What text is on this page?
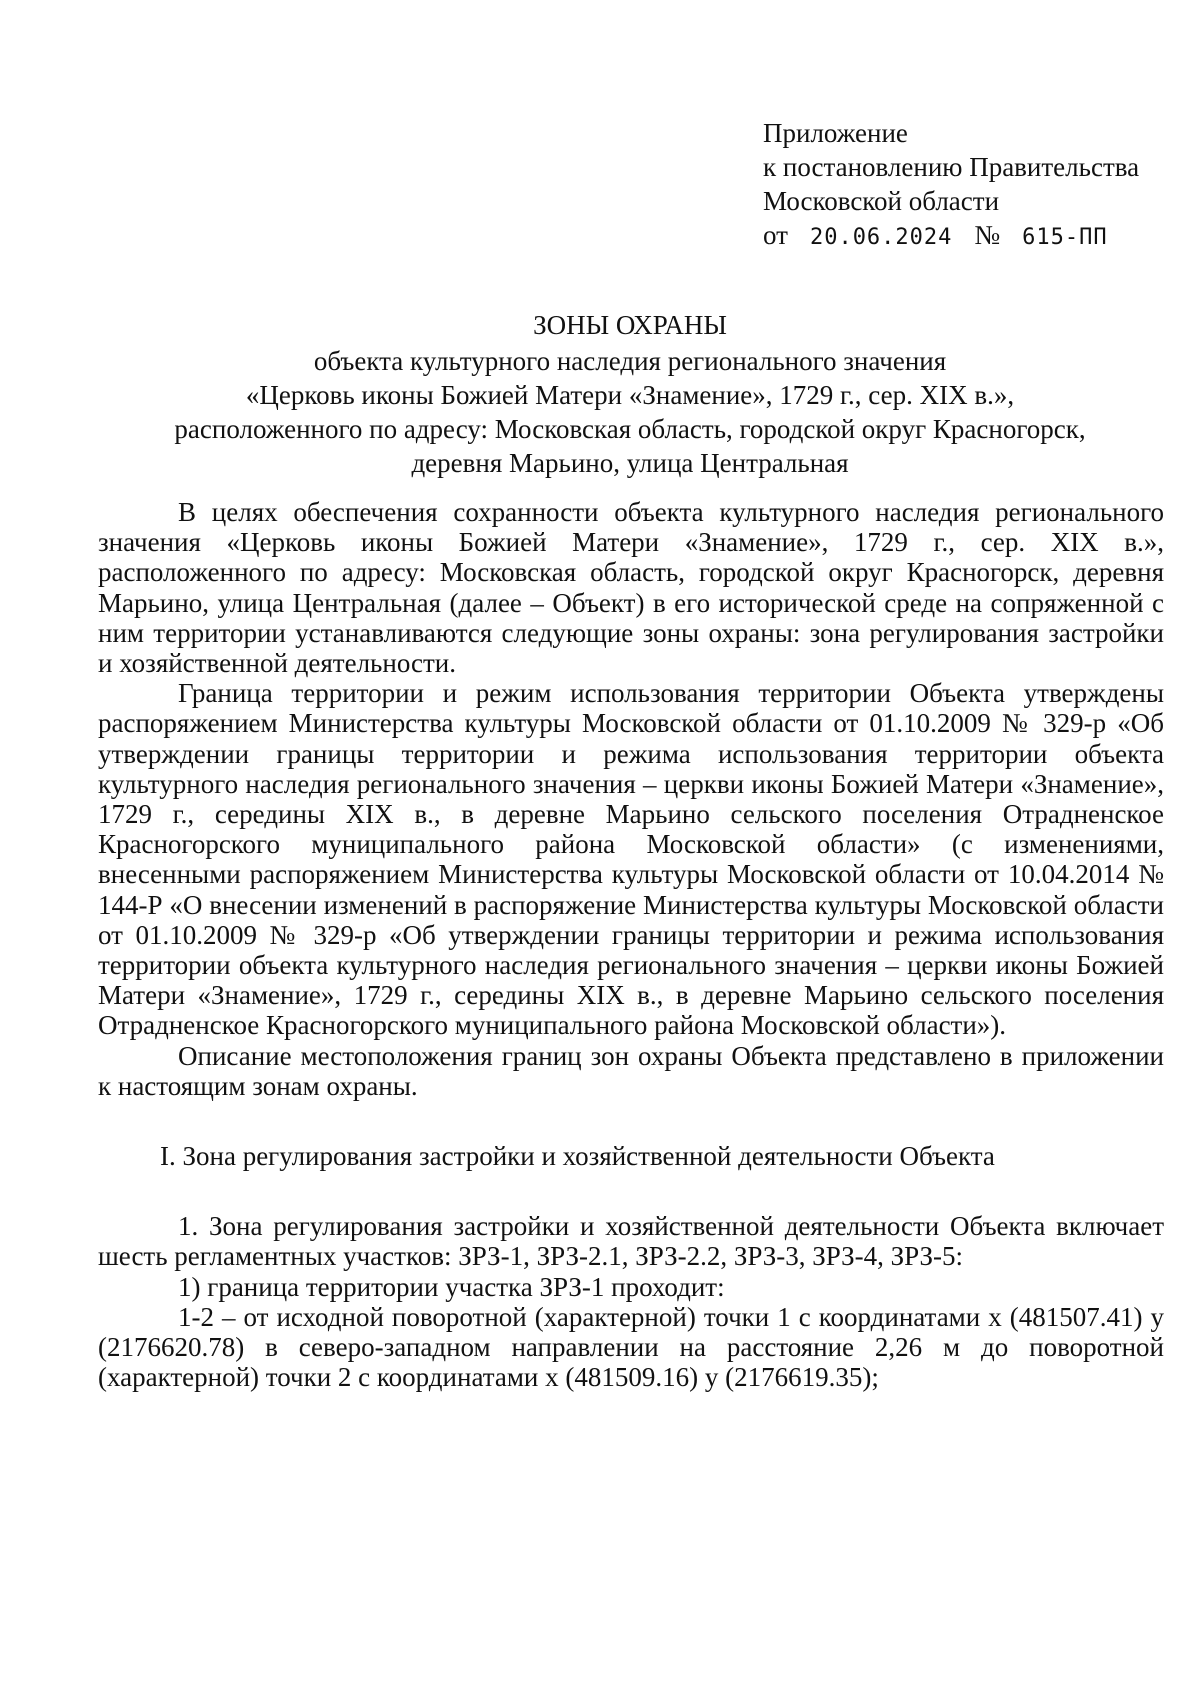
Приложение
к постановлению Правительства
Московской области
от 20.06.2024 № 615-ПП
ЗОНЫ ОХРАНЫ
объекта культурного наследия регионального значения
«Церковь иконы Божией Матери «Знамение», 1729 г., сер. XIX в.»,
расположенного по адресу: Московская область, городской округ Красногорск,
деревня Марьино, улица Центральная

В целях обеспечения сохранности объекта культурного наследия регионального значения «Церковь иконы Божией Матери «Знамение», 1729 г., сер. XIX в.», расположенного по адресу: Московская область, городской округ Красногорск, деревня Марьино, улица Центральная (далее – Объект) в его исторической среде на сопряженной с ним территории устанавливаются следующие зоны охраны: зона регулирования застройки и хозяйственной деятельности.

Граница территории и режим использования территории Объекта утверждены распоряжением Министерства культуры Московской области от 01.10.2009 № 329-р «Об утверждении границы территории и режима использования территории объекта культурного наследия регионального значения – церкви иконы Божией Матери «Знамение», 1729 г., середины XIX в., в деревне Марьино сельского поселения Отрадненское Красногорского муниципального района Московской области» (с изменениями, внесенными распоряжением Министерства культуры Московской области от 10.04.2014 № 144-Р «О внесении изменений в распоряжение Министерства культуры Московской области от 01.10.2009 № 329-р «Об утверждении границы территории и режима использования территории объекта культурного наследия регионального значения – церкви иконы Божией Матери «Знамение», 1729 г., середины XIX в., в деревне Марьино сельского поселения Отрадненское Красногорского муниципального района Московской области»).

Описание местоположения границ зон охраны Объекта представлено в приложении к настоящим зонам охраны.

I. Зона регулирования застройки и хозяйственной деятельности Объекта

1. Зона регулирования застройки и хозяйственной деятельности Объекта включает шесть регламентных участков: ЗРЗ-1, ЗРЗ-2.1, ЗРЗ-2.2, ЗРЗ-3, ЗРЗ-4, ЗРЗ-5:

1) граница территории участка ЗРЗ-1 проходит:

1-2 – от исходной поворотной (характерной) точки 1 с координатами х (481507.41) у (2176620.78) в северо-западном направлении на расстояние 2,26 м до поворотной (характерной) точки 2 с координатами х (481509.16) у (2176619.35);
